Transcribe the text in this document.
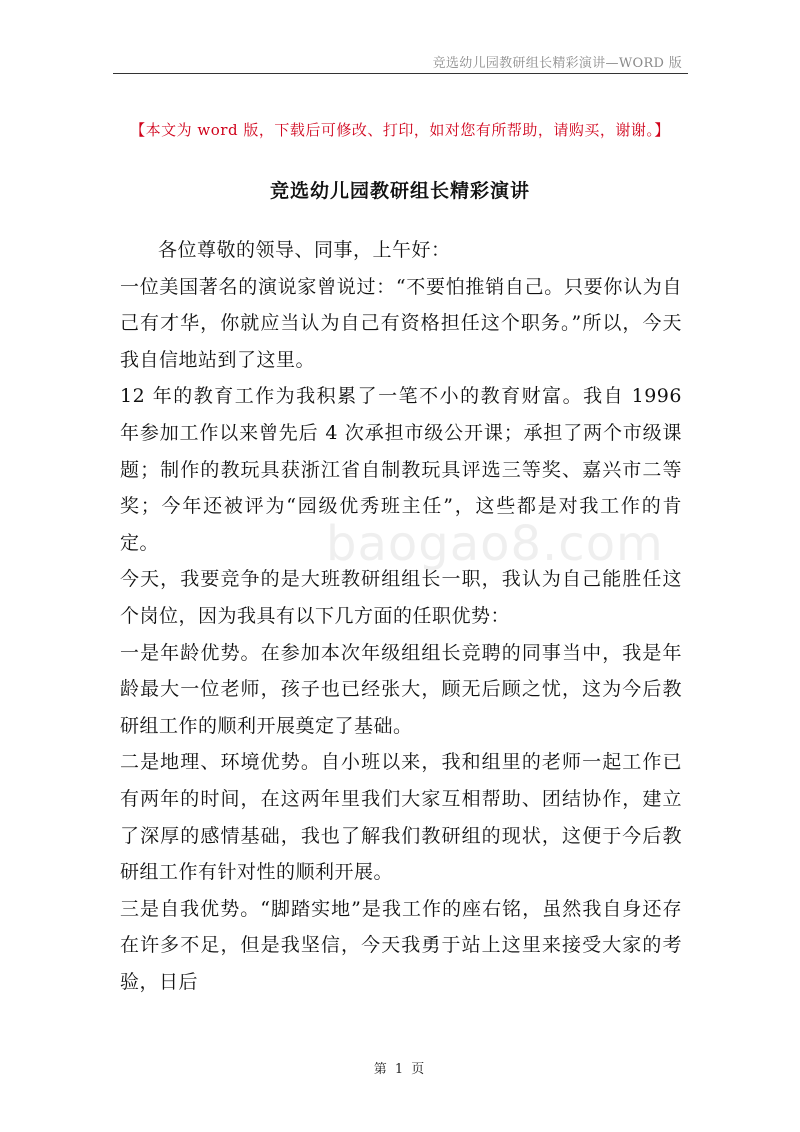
竞选幼儿园教研组长精彩演讲—WORD 版
【本文为 word 版，下载后可修改、打印，如对您有所帮助，请购买，谢谢。】
竞选幼儿园教研组长精彩演讲
baogao8.com

各位尊敬的领导、同事，上午好：

一位美国著名的演说家曾说过：“不要怕推销自己。只要你认为自己有才华，你就应当认为自己有资格担任这个职务。”所以，今天我自信地站到了这里。

12 年的教育工作为我积累了一笔不小的教育财富。我自 1996 年参加工作以来曾先后 4 次承担市级公开课；承担了两个市级课题；制作的教玩具获浙江省自制教玩具评选三等奖、嘉兴市二等奖；今年还被评为“园级优秀班主任”，这些都是对我工作的肯定。

今天，我要竞争的是大班教研组组长一职，我认为自己能胜任这个岗位，因为我具有以下几方面的任职优势：

一是年龄优势。在参加本次年级组组长竞聘的同事当中，我是年龄最大一位老师，孩子也已经张大，顾无后顾之忧，这为今后教研组工作的顺利开展奠定了基础。

二是地理、环境优势。自小班以来，我和组里的老师一起工作已有两年的时间，在这两年里我们大家互相帮助、团结协作，建立了深厚的感情基础，我也了解我们教研组的现状，这便于今后教研组工作有针对性的顺利开展。

三是自我优势。“脚踏实地”是我工作的座右铭，虽然我自身还存在许多不足，但是我坚信，今天我勇于站上这里来接受大家的考验，日后

第 1 页
